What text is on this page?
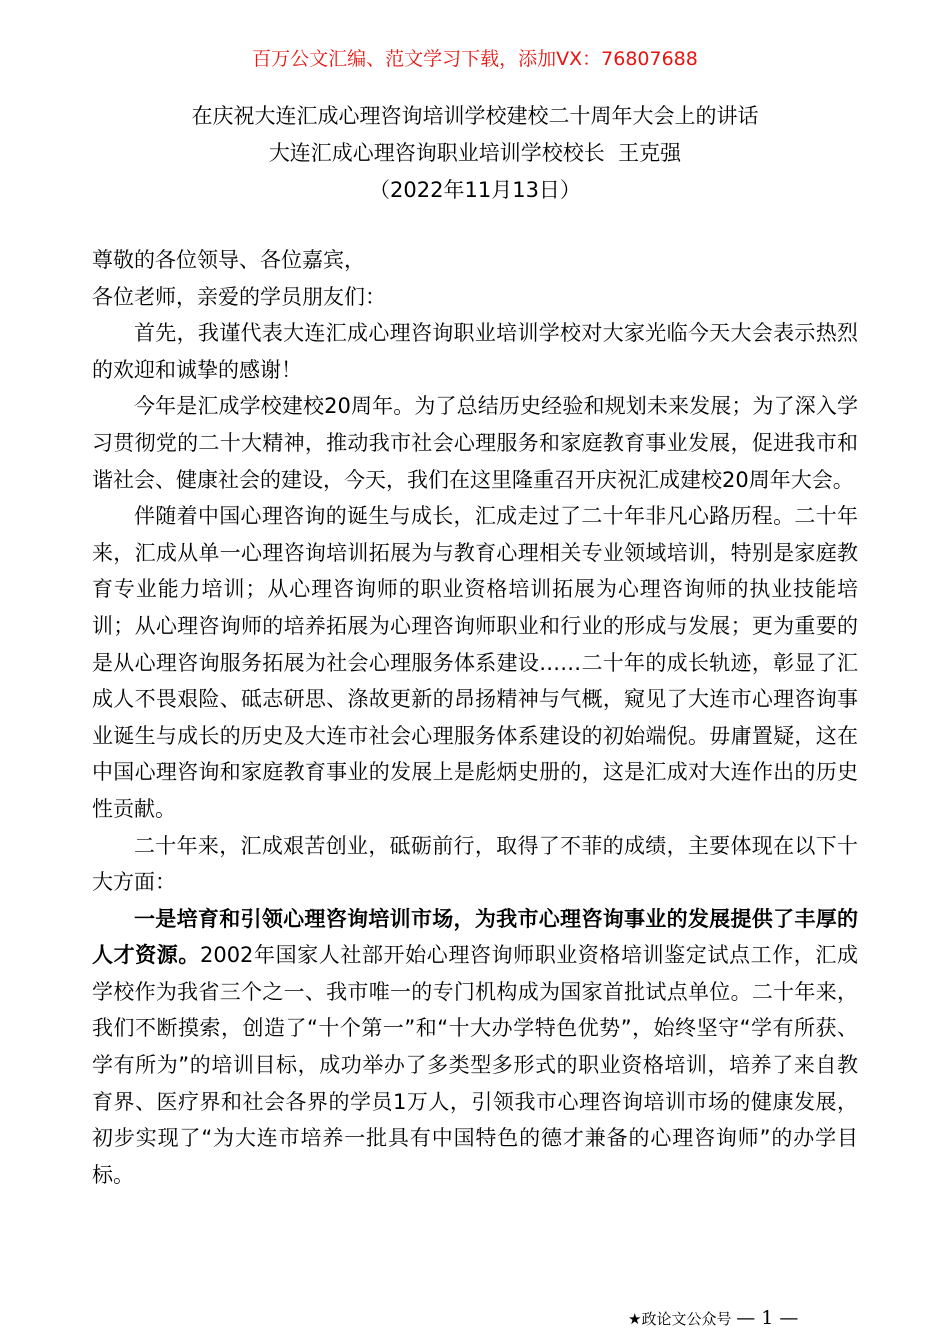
百万公文汇编、范文学习下载，添加VX：76807688
在庆祝大连汇成心理咨询培训学校建校二十周年大会上的讲话
大连汇成心理咨询职业培训学校校长  王克强
（2022年11月13日）

尊敬的各位领导、各位嘉宾，

各位老师，亲爱的学员朋友们：

首先，我谨代表大连汇成心理咨询职业培训学校对大家光临今天大会表示热烈的欢迎和诚挚的感谢！

今年是汇成学校建校20周年。为了总结历史经验和规划未来发展；为了深入学习贯彻党的二十大精神，推动我市社会心理服务和家庭教育事业发展，促进我市和谐社会、健康社会的建设，今天，我们在这里隆重召开庆祝汇成建校20周年大会。

伴随着中国心理咨询的诞生与成长，汇成走过了二十年非凡心路历程。二十年来，汇成从单一心理咨询培训拓展为与教育心理相关专业领域培训，特别是家庭教育专业能力培训；从心理咨询师的职业资格培训拓展为心理咨询师的执业技能培训；从心理咨询师的培养拓展为心理咨询师职业和行业的形成与发展；更为重要的是从心理咨询服务拓展为社会心理服务体系建设……二十年的成长轨迹，彰显了汇成人不畏艰险、砥志研思、涤故更新的昂扬精神与气概，窥见了大连市心理咨询事业诞生与成长的历史及大连市社会心理服务体系建设的初始端倪。毋庸置疑，这在中国心理咨询和家庭教育事业的发展上是彪炳史册的，这是汇成对大连作出的历史性贡献。

二十年来，汇成艰苦创业，砥砺前行，取得了不菲的成绩，主要体现在以下十大方面：

一是培育和引领心理咨询培训市场，为我市心理咨询事业的发展提供了丰厚的人才资源。2002年国家人社部开始心理咨询师职业资格培训鉴定试点工作，汇成学校作为我省三个之一、我市唯一的专门机构成为国家首批试点单位。二十年来，我们不断摸索，创造了“十个第一”和“十大办学特色优势”，始终坚守“学有所获、学有所为”的培训目标，成功举办了多类型多形式的职业资格培训，培养了来自教育界、医疗界和社会各界的学员1万人，引领我市心理咨询培训市场的健康发展，初步实现了“为大连市培养一批具有中国特色的德才兼备的心理咨询师”的办学目标。

★政论文公众号 — 1 —
